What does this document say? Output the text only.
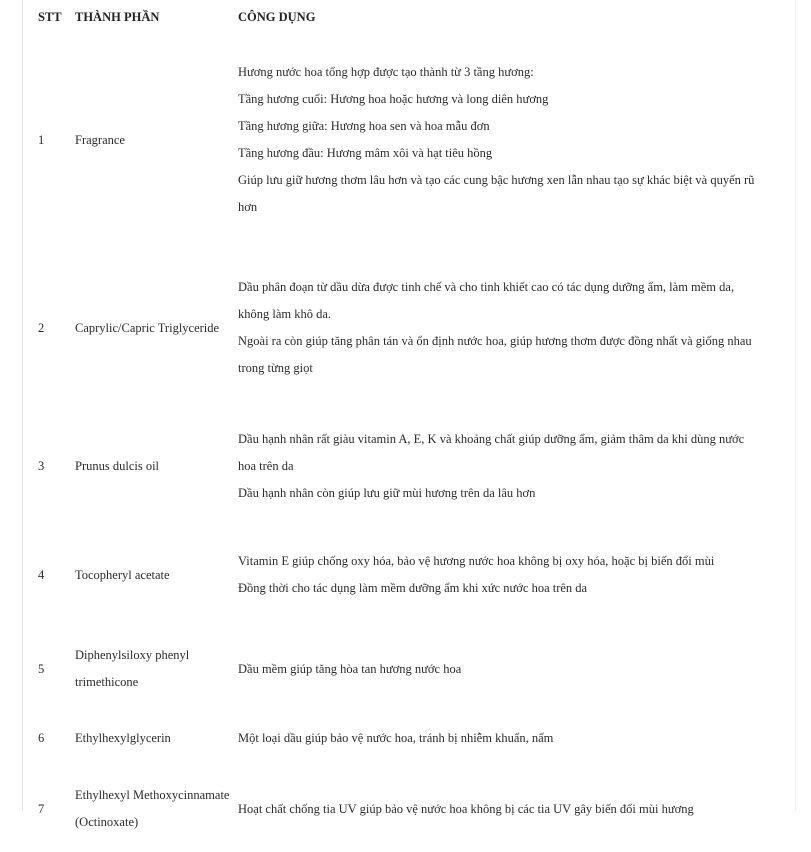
STT	THÀNH PHẦN	CÔNG DỤNG
1	Fragrance	Hương nước hoa tổng hợp được tạo thành từ 3 tầng hương:
Tầng hương cuối: Hương hoa hoặc hương và long diên hương
Tầng hương giữa: Hương hoa sen và hoa mẫu đơn
Tầng hương đầu: Hương mâm xôi và hạt tiêu hồng
Giúp lưu giữ hương thơm lâu hơn và tạo các cung bậc hương xen lẫn nhau tạo sự khác biệt và quyến rũ hơn

2	Caprylic/Capric Triglyceride	Dầu phân đoạn từ dầu dừa được tinh chế và cho tinh khiết cao có tác dụng dưỡng ẩm, làm mềm da, không làm khô da.
Ngoài ra còn giúp tăng phân tán và ổn định nước hoa, giúp hương thơm được đồng nhất và giống nhau trong từng giọt

3	Prunus dulcis oil	Dầu hạnh nhân rất giàu vitamin A, E, K và khoảng chất giúp dưỡng ẩm, giảm thâm da khi dùng nước hoa trên da
Dầu hạnh nhân còn giúp lưu giữ mùi hương trên da lâu hơn

4	Tocopheryl acetate	Vitamin E giúp chống oxy hóa, bảo vệ hương nước hoa không bị oxy hóa, hoặc bị biến đổi mùi
Đồng thời cho tác dụng làm mềm dưỡng ẩm khi xức nước hoa trên da

5	Diphenylsiloxy phenyl trimethicone	Dầu mềm giúp tăng hòa tan hương nước hoa

6	Ethylhexylglycerin	Một loại dầu giúp bảo vệ nước hoa, tránh bị nhiễm khuẩn, nấm

7	Ethylhexyl Methoxycinnamate (Octinoxate)	Hoạt chất chống tia UV giúp bảo vệ nước hoa không bị các tia UV gây biến đổi mùi hương
